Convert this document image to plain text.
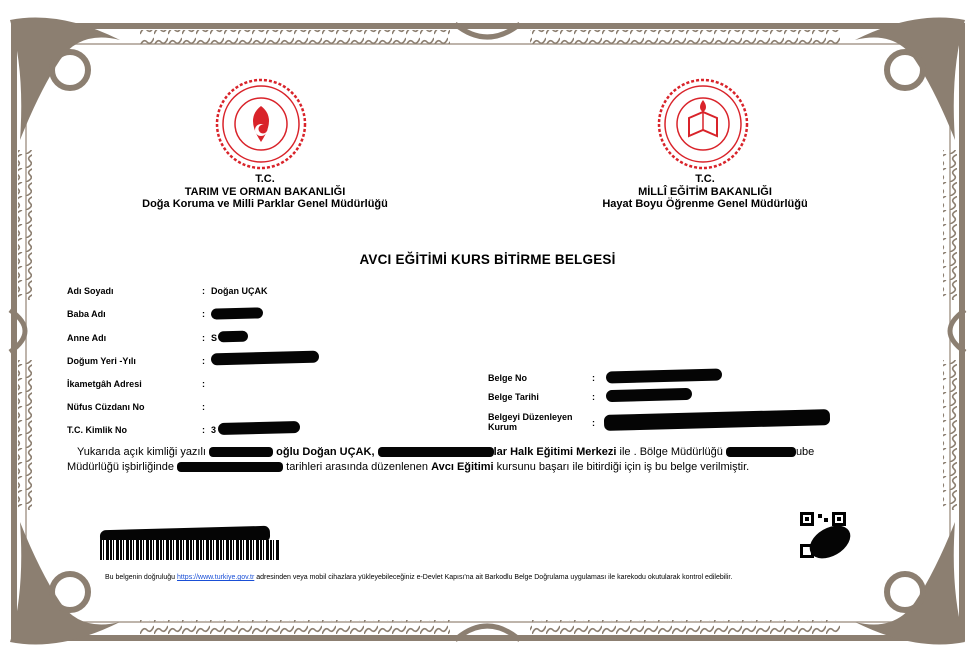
T.C.
TARIM VE ORMAN BAKANLIĞI
Doğa Koruma ve Milli Parklar Genel Müdürlüğü
T.C.
MİLLÎ EĞİTİM BAKANLIĞI
Hayat Boyu Öğrenme Genel Müdürlüğü
AVCI EĞİTİMİ KURS BİTİRME BELGESİ
Adı Soyadı	: Doğan UÇAK
Baba Adı	:
Anne Adı	: S
Doğum Yeri -Yılı	:
İkametgâh Adresi	:
Nüfus Cüzdanı No	:
T.C. Kimlik No	: 3
Belge No	:
Belge Tarihi	:
Belgeyi Düzenleyen Kurum	:
Yukarıda açık kimliği yazılı	oğlu Doğan UÇAK,	lar Halk Eğitimi Merkezi ile . Bölge Müdürlüğü	ube
Müdürlüğü işbirliğinde	tarihleri arasında düzenlenen Avcı Eğitimi kursunu başarı ile bitirdiği için iş bu belge verilmiştir.
Bu belgenin doğruluğu https://www.turkiye.gov.tr adresinden veya mobil cihazlara yükleyebileceğiniz e-Devlet Kapısı'na ait Barkodlu Belge Doğrulama uygulaması ile karekodu okutularak kontrol edilebilir.
